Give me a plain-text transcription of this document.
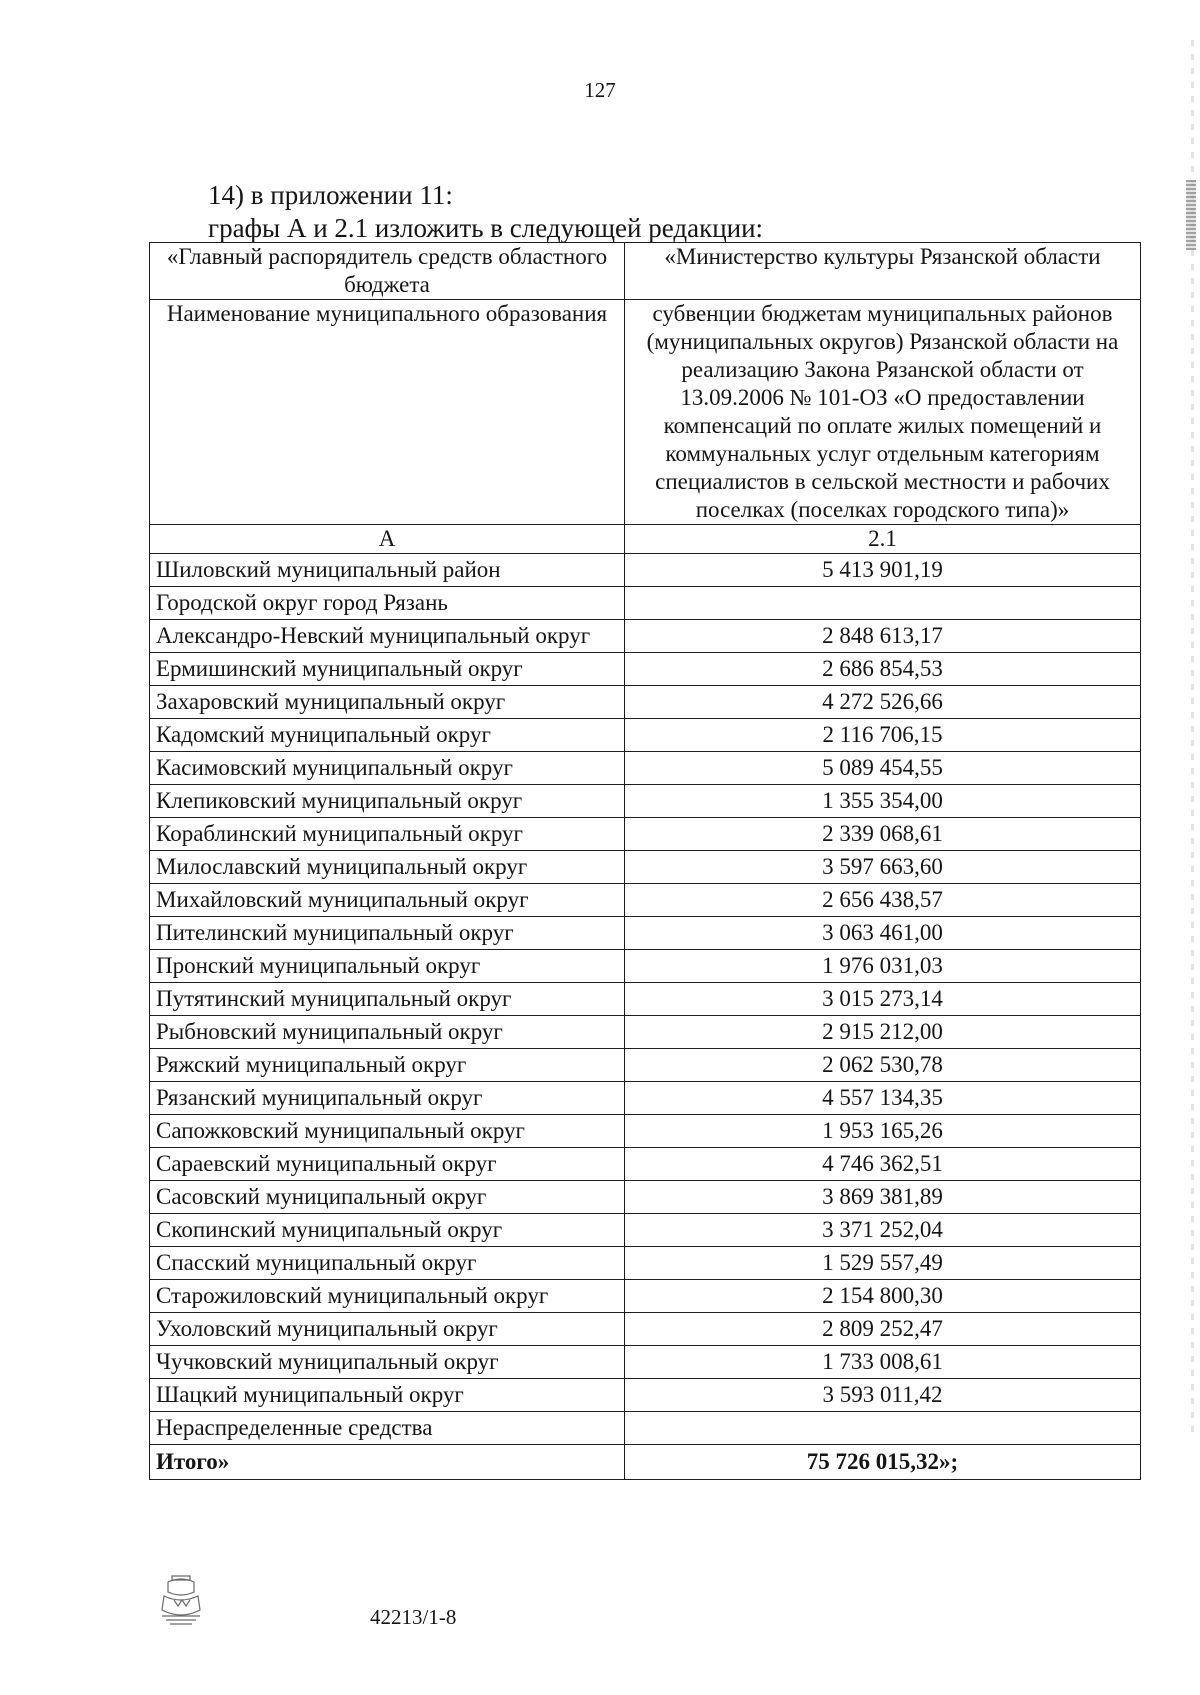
127
14) в приложении 11:
графы А и 2.1 изложить в следующей редакции:
«Главный распорядитель средств областного бюджета	«Министерство культуры Рязанской области
Наименование муниципального образования	субвенции бюджетам муниципальных районов (муниципальных округов) Рязанской области на реализацию Закона Рязанской области от 13.09.2006 № 101-ОЗ «О предоставлении компенсаций по оплате жилых помещений и коммунальных услуг отдельным категориям специалистов в сельской местности и рабочих поселках (поселках городского типа)»
А	2.1
Шиловский муниципальный район	5 413 901,19
Городской округ город Рязань	
Александро-Невский муниципальный округ	2 848 613,17
Ермишинский муниципальный округ	2 686 854,53
Захаровский муниципальный округ	4 272 526,66
Кадомский муниципальный округ	2 116 706,15
Касимовский муниципальный округ	5 089 454,55
Клепиковский муниципальный округ	1 355 354,00
Кораблинский муниципальный округ	2 339 068,61
Милославский муниципальный округ	3 597 663,60
Михайловский муниципальный округ	2 656 438,57
Пителинский муниципальный округ	3 063 461,00
Пронский муниципальный округ	1 976 031,03
Путятинский муниципальный округ	3 015 273,14
Рыбновский муниципальный округ	2 915 212,00
Ряжский муниципальный округ	2 062 530,78
Рязанский муниципальный округ	4 557 134,35
Сапожковский муниципальный округ	1 953 165,26
Сараевский муниципальный округ	4 746 362,51
Сасовский муниципальный округ	3 869 381,89
Скопинский муниципальный округ	3 371 252,04
Спасский муниципальный округ	1 529 557,49
Старожиловский муниципальный округ	2 154 800,30
Ухоловский муниципальный округ	2 809 252,47
Чучковский муниципальный округ	1 733 008,61
Шацкий муниципальный округ	3 593 011,42
Нераспределенные средства	
Итого»	75 726 015,32»;
42213/1-8
